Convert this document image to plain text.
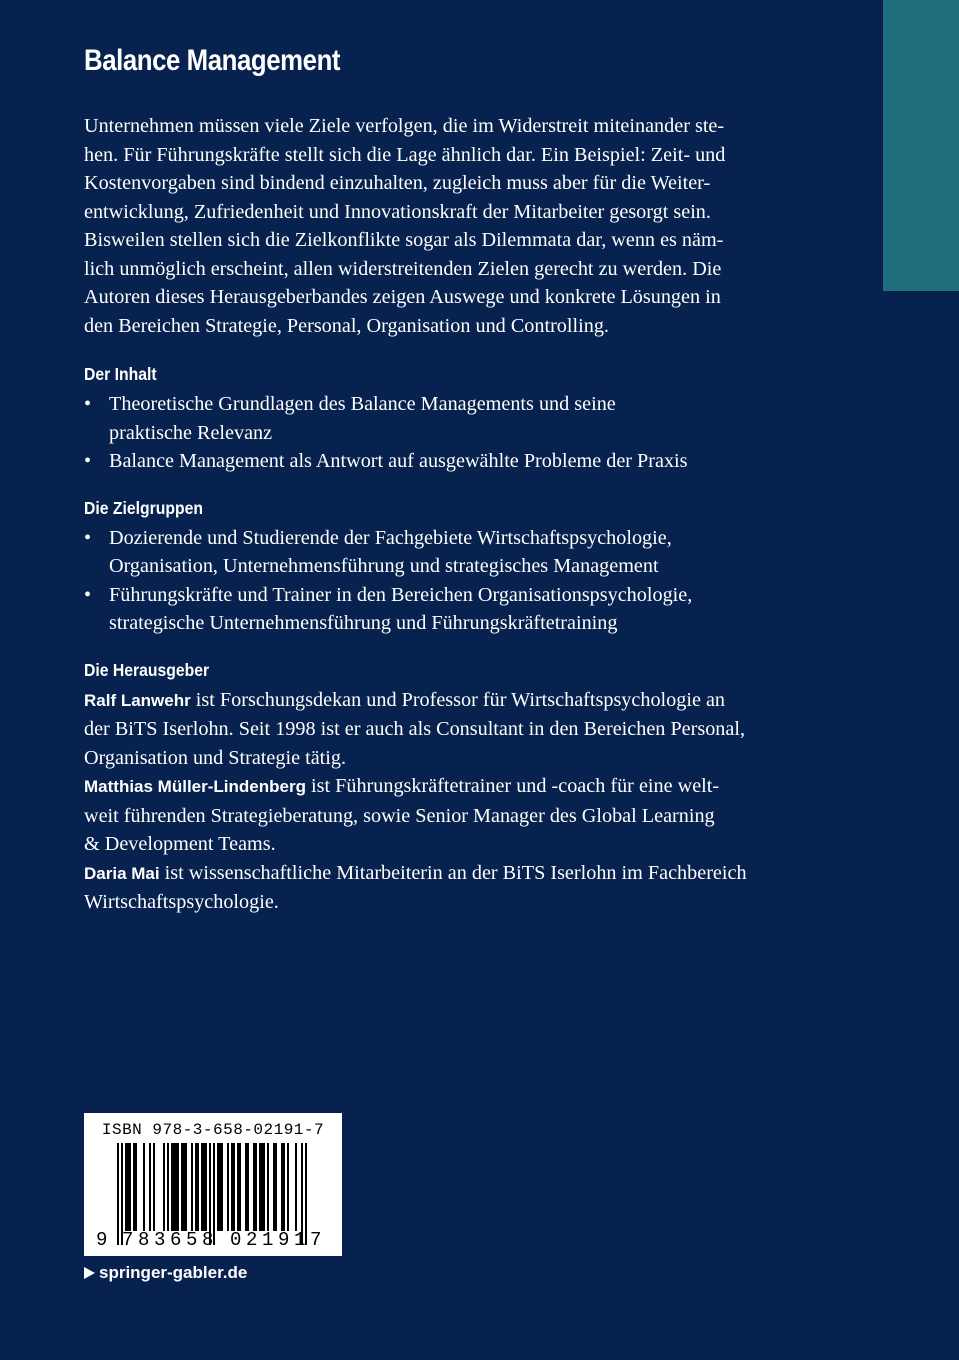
Balance Management
Unternehmen müssen viele Ziele verfolgen, die im Widerstreit miteinander ste-
hen. Für Führungskräfte stellt sich die Lage ähnlich dar. Ein Beispiel: Zeit- und
Kostenvorgaben sind bindend einzuhalten, zugleich muss aber für die Weiter-
entwicklung, Zufriedenheit und Innovationskraft der Mitarbeiter gesorgt sein.
Bisweilen stellen sich die Zielkonflikte sogar als Dilemmata dar, wenn es näm-
lich unmöglich erscheint, allen widerstreitenden Zielen gerecht zu werden. Die
Autoren dieses Herausgeberbandes zeigen Auswege und konkrete Lösungen in
den Bereichen Strategie, Personal, Organisation und Controlling.
Der Inhalt
• Theoretische Grundlagen des Balance Managements und seine
praktische Relevanz
• Balance Management als Antwort auf ausgewählte Probleme der Praxis
Die Zielgruppen
• Dozierende und Studierende der Fachgebiete Wirtschaftspsychologie,
Organisation, Unternehmensführung und strategisches Management
• Führungskräfte und Trainer in den Bereichen Organisationspsychologie,
strategische Unternehmensführung und Führungskräftetraining
Die Herausgeber
Ralf Lanwehr ist Forschungsdekan und Professor für Wirtschaftspsychologie an
der BiTS Iserlohn. Seit 1998 ist er auch als Consultant in den Bereichen Personal,
Organisation und Strategie tätig.
Matthias Müller-Lindenberg ist Führungskräftetrainer und -coach für eine welt-
weit führenden Strategieberatung, sowie Senior Manager des Global Learning
& Development Teams.
Daria Mai ist wissenschaftliche Mitarbeiterin an der BiTS Iserlohn im Fachbereich
Wirtschaftspsychologie.
ISBN 978-3-658-02191-7
9 7 8 3 6 5 8 0 2 1 9 1 7
springer-gabler.de
